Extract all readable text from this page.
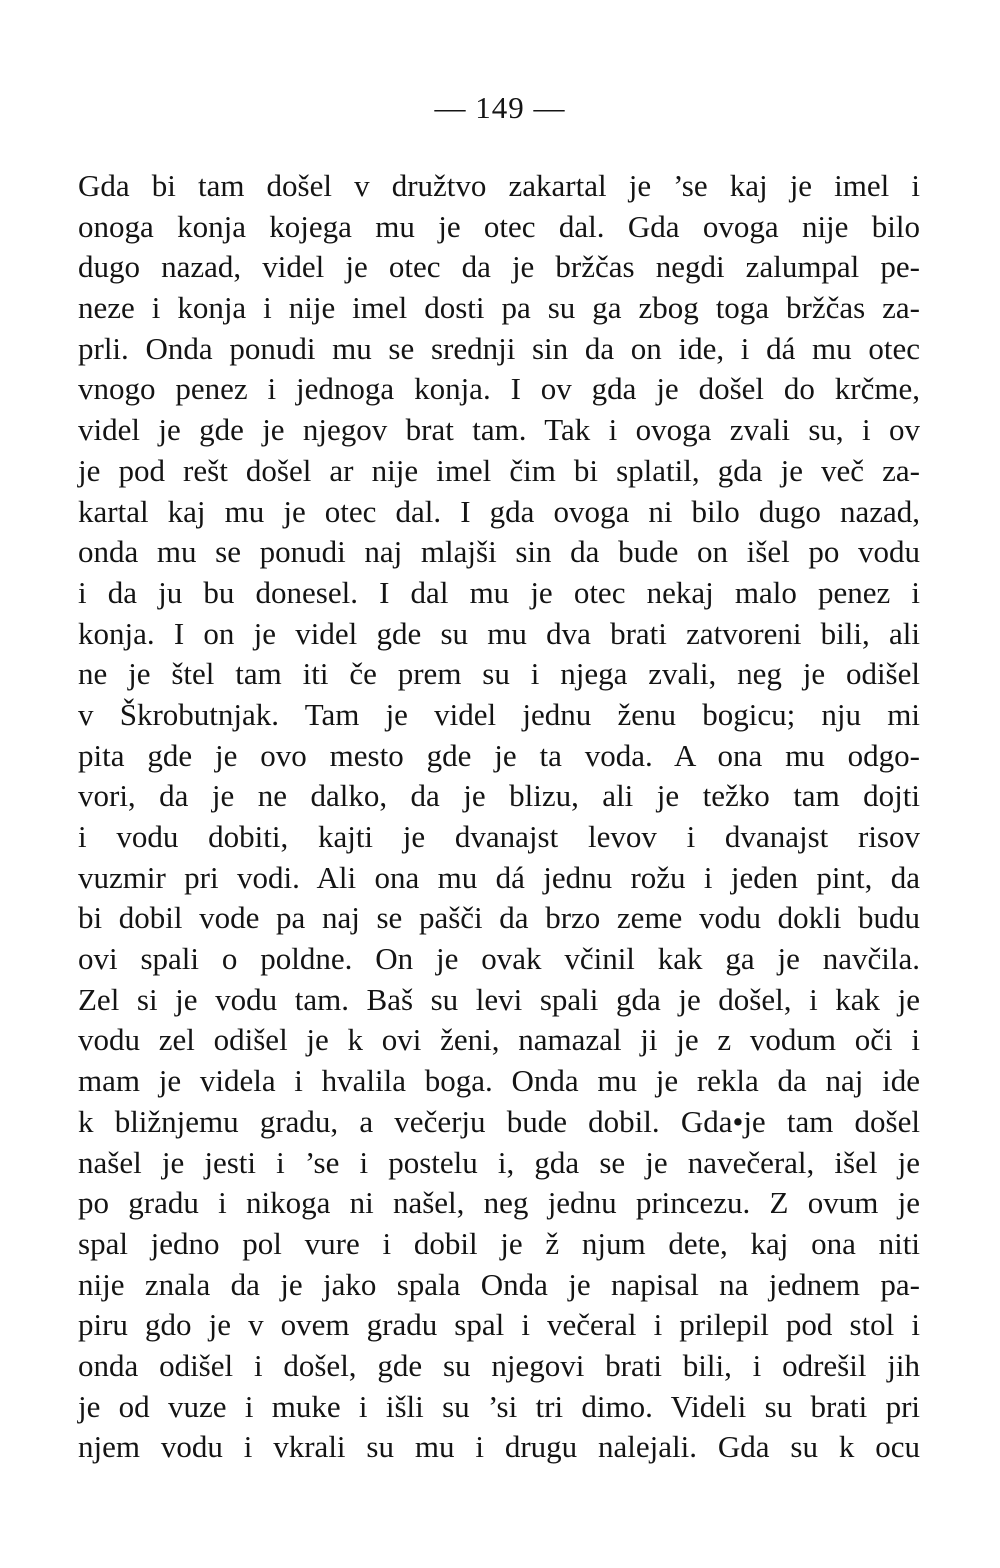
— 149 —
Gda bi tam došel v družtvo zakartal je ’se kaj je imel i
onoga konja kojega mu je otec dal. Gda ovoga nije bilo
dugo nazad, videl je otec da je bržčas negdi zalumpal pe-
neze i konja i nije imel dosti pa su ga zbog toga bržčas za-
prli. Onda ponudi mu se srednji sin da on ide, i dá mu otec
vnogo penez i jednoga konja. I ov gda je došel do krčme,
videl je gde je njegov brat tam. Tak i ovoga zvali su, i ov
je pod rešt došel ar nije imel čim bi splatil, gda je več za-
kartal kaj mu je otec dal. I gda ovoga ni bilo dugo nazad,
onda mu se ponudi naj mlajši sin da bude on išel po vodu
i da ju bu donesel. I dal mu je otec nekaj malo penez i
konja. I on je videl gde su mu dva brati zatvoreni bili, ali
ne je štel tam iti če prem su i njega zvali, neg je odišel
v Škrobutnjak. Tam je videl jednu ženu bogicu; nju mi
pita gde je ovo mesto gde je ta voda. A ona mu odgo-
vori, da je ne dalko, da je blizu, ali je težko tam dojti
i vodu dobiti, kajti je dvanajst levov i dvanajst risov
vuzmir pri vodi. Ali ona mu dá jednu rožu i jeden pint, da
bi dobil vode pa naj se pašči da brzo zeme vodu dokli budu
ovi spali o poldne. On je ovak včinil kak ga je navčila.
Zel si je vodu tam. Baš su levi spali gda je došel, i kak je
vodu zel odišel je k ovi ženi, namazal ji je z vodum oči i
mam je videla i hvalila boga. Onda mu je rekla da naj ide
k bližnjemu gradu, a večerju bude dobil. Gda•je tam došel
našel je jesti i ’se i postelu i, gda se je navečeral, išel je
po gradu i nikoga ni našel, neg jednu princezu. Z ovum je
spal jedno pol vure i dobil je ž njum dete, kaj ona niti
nije znala da je jako spala Onda je napisal na jednem pa-
piru gdo je v ovem gradu spal i večeral i prilepil pod stol i
onda odišel i došel, gde su njegovi brati bili, i odrešil jih
je od vuze i muke i išli su ’si tri dimo. Videli su brati pri
njem vodu i vkrali su mu i drugu nalejali. Gda su k ocu
